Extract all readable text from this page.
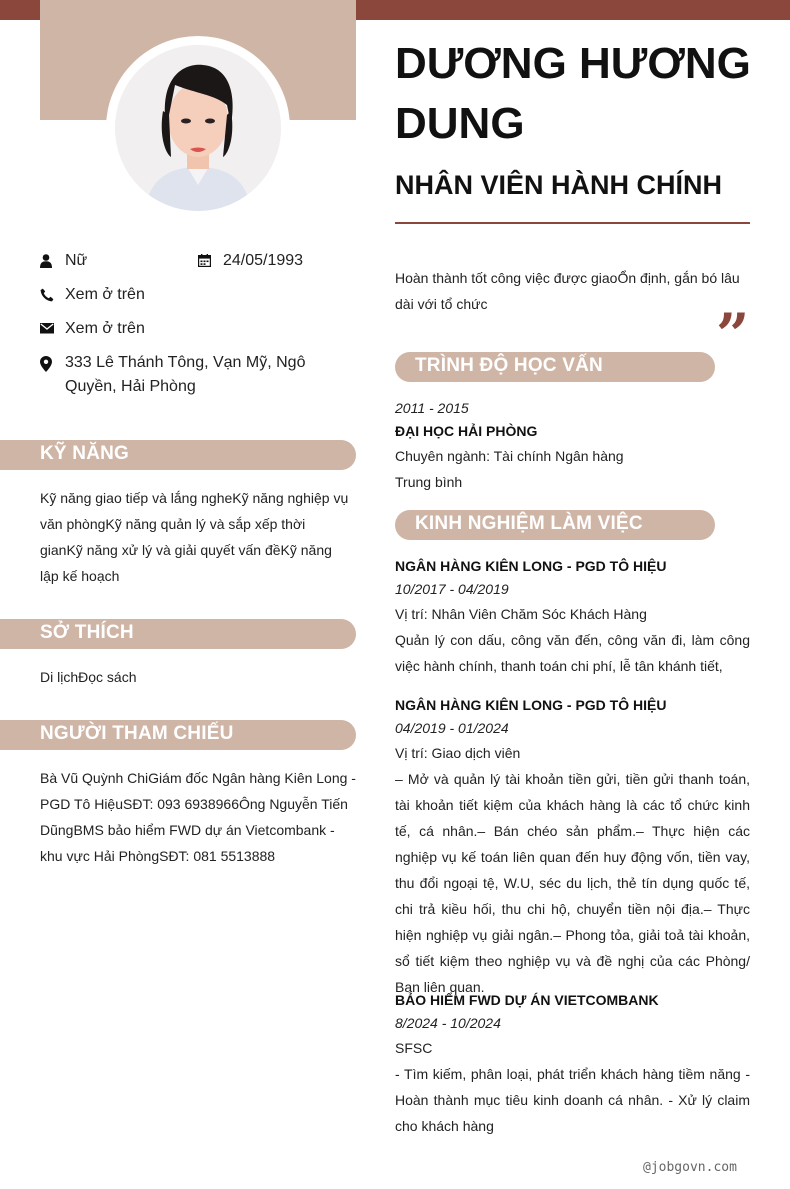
DƯƠNG HƯƠNG DUNG
NHÂN VIÊN HÀNH CHÍNH
Nữ	24/05/1993
Xem ở trên
Xem ở trên
333 Lê Thánh Tông, Vạn Mỹ, Ngô Quyền, Hải Phòng
KỸ NĂNG
Kỹ năng giao tiếp và lắng ngheKỹ năng nghiệp vụ văn phòngKỹ năng quản lý và sắp xếp thời gianKỹ năng xử lý và giải quyết vấn đềKỹ năng lập kế hoạch
SỞ THÍCH
Di lịchĐọc sách
NGƯỜI THAM CHIẾU
Bà Vũ Quỳnh ChiGiám đốc Ngân hàng Kiên Long - PGD Tô HiệuSĐT: 093 6938966Ông Nguyễn Tiến DũngBMS bảo hiểm FWD dự án Vietcombank - khu vực Hải PhòngSĐT: 081 5513888
Hoàn thành tốt công việc được giaoỔn định, gắn bó lâu dài với tổ chức	”
TRÌNH ĐỘ HỌC VẤN
2011 - 2015
ĐẠI HỌC HẢI PHÒNG
Chuyên ngành: Tài chính Ngân hàng
Trung bình
KINH NGHIỆM LÀM VIỆC
NGÂN HÀNG KIÊN LONG - PGD TÔ HIỆU
10/2017 - 04/2019
Vị trí: Nhân Viên Chăm Sóc Khách Hàng
Quản lý con dấu, công văn đến, công văn đi, làm công việc hành chính, thanh toán chi phí, lễ tân khánh tiết,
NGÂN HÀNG KIÊN LONG - PGD TÔ HIỆU
04/2019 - 01/2024
Vị trí: Giao dịch viên
– Mở và quản lý tài khoản tiền gửi, tiền gửi thanh toán, tài khoản tiết kiệm của khách hàng là các tổ chức kinh tế, cá nhân.– Bán chéo sản phẩm.– Thực hiện các nghiệp vụ kế toán liên quan đến huy động vốn, tiền vay, thu đổi ngoại tệ, W.U, séc du lịch, thẻ tín dụng quốc tế, chi trả kiều hối, thu chi hộ, chuyển tiền nội địa.– Thực hiện nghiệp vụ giải ngân.– Phong tỏa, giải toả tài khoản, sổ tiết kiệm theo nghiệp vụ và đề nghị của các Phòng/ Ban liên quan.
BẢO HIỂM FWD DỰ ÁN VIETCOMBANK
8/2024 - 10/2024
SFSC
- Tìm kiếm, phân loại, phát triển khách hàng tiềm năng - Hoàn thành mục tiêu kinh doanh cá nhân. - Xử lý claim cho khách hàng
@jobgovn.com
